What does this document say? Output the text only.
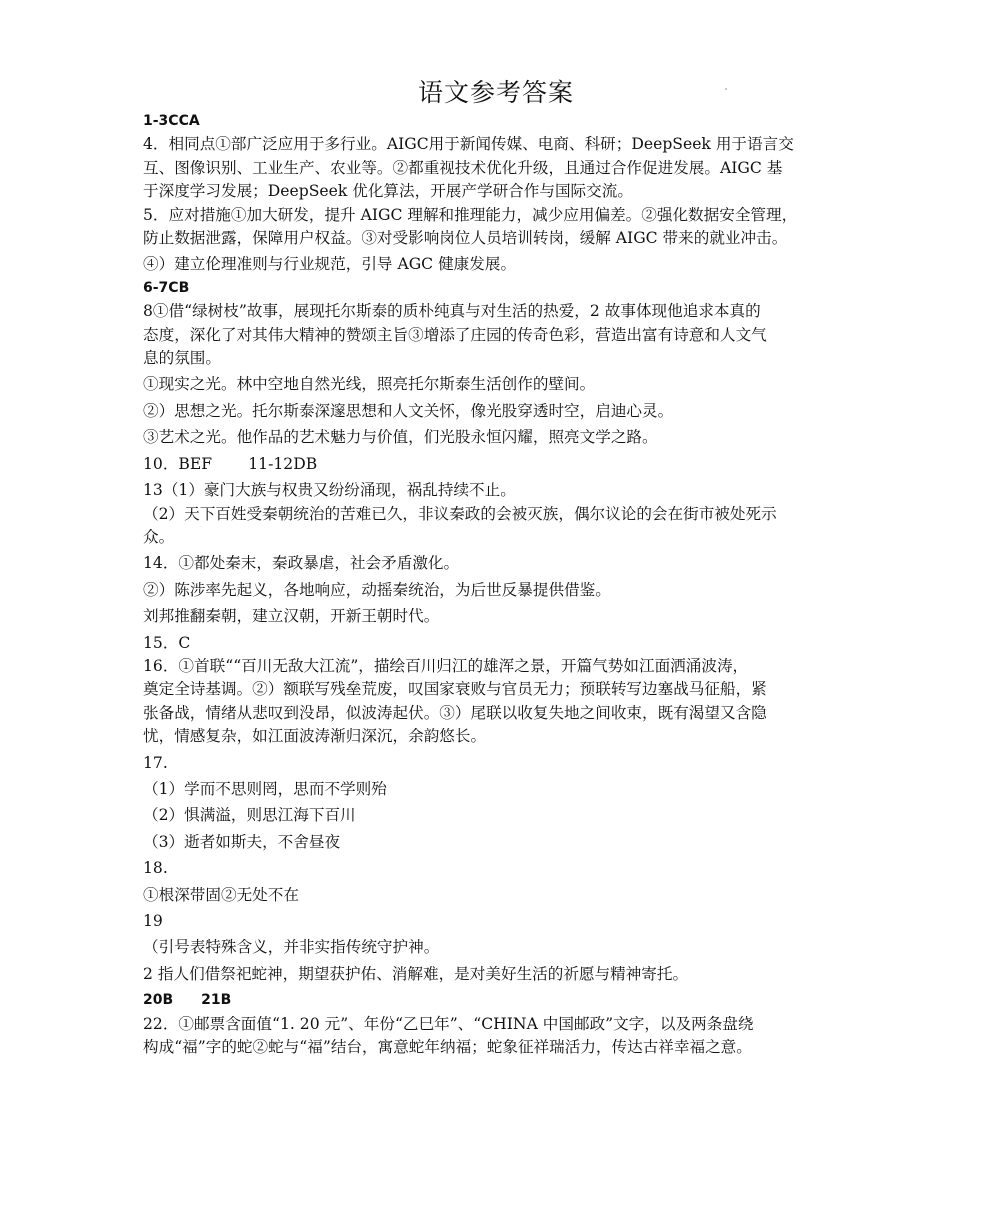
语文参考答案
1-3CCA
4．相同点①部广泛应用于多行业。AIGC用于新闻传媒、电商、科研；DeepSeek 用于语言交
互、图像识别、工业生产、农业等。②都重视技术优化升级，且通过合作促进发展。AIGC 基
于深度学习发展；DeepSeek 优化算法，开展产学研合作与国际交流。
5．应对措施①加大研发，提升 AIGC 理解和推理能力，减少应用偏差。②强化数据安全管理，
防止数据泄露，保障用户权益。③对受影响岗位人员培训转岗，缓解 AIGC 带来的就业冲击。
④）建立伦理准则与行业规范，引导 AGC 健康发展。
6-7CB
8①借“绿树枝”故事，展现托尔斯泰的质朴纯真与对生活的热爱，2 故事体现他追求本真的
态度，深化了对其伟大精神的赞颂主旨③增添了庄园的传奇色彩，营造出富有诗意和人文气
息的氛围。
①现实之光。林中空地自然光线，照亮托尔斯泰生活创作的壁间。
②）思想之光。托尔斯泰深邃思想和人文关怀，像光股穿透时空，启迪心灵。
③艺术之光。他作品的艺术魅力与价值，们光股永恒闪耀，照亮文学之路。
10．BEF　　 11-12DB
13（1）豪门大族与权贵又纷纷涌现，祸乱持续不止。
（2）天下百姓受秦朝统治的苦难已久，非议秦政的会被灭族，偶尔议论的会在街市被处死示
众。
14．①都处秦末，秦政暴虐，社会矛盾激化。
②）陈涉率先起义，各地响应，动摇秦统治，为后世反暴提供借鉴。
刘邦推翻秦朝，建立汉朝，开新王朝时代。
15．C
16．①首联““百川无敌大江流”，描绘百川归江的雄浑之景，开篇气势如江面洒涌波涛，
奠定全诗基调。②）额联写残垒荒废，叹国家衰败与官员无力；预联转写边塞战马征船，紧
张备战，情绪从悲叹到没昂，似波涛起伏。③）尾联以收复失地之间收束，既有渴望又含隐
忧，情感复杂，如江面波涛渐归深沉，余韵悠长。
17.
（1）学而不思则罔，思而不学则殆
（2）惧满溢，则思江海下百川
（3）逝者如斯夫，不舍昼夜
18.
①根深带固②无处不在
19
（引号表特殊含义，并非实指传统守护神。
2 指人们借祭祀蛇神，期望获护佑、消解难，是对美好生活的祈愿与精神寄托。
20B　　21B
22．①邮票含面值“1. 20 元”、年份“乙巳年”、“CHINA 中国邮政”文字，以及两条盘绕
构成“福”字的蛇②蛇与“福”结台，寓意蛇年纳福；蛇象征祥瑞活力，传达古祥幸福之意。
